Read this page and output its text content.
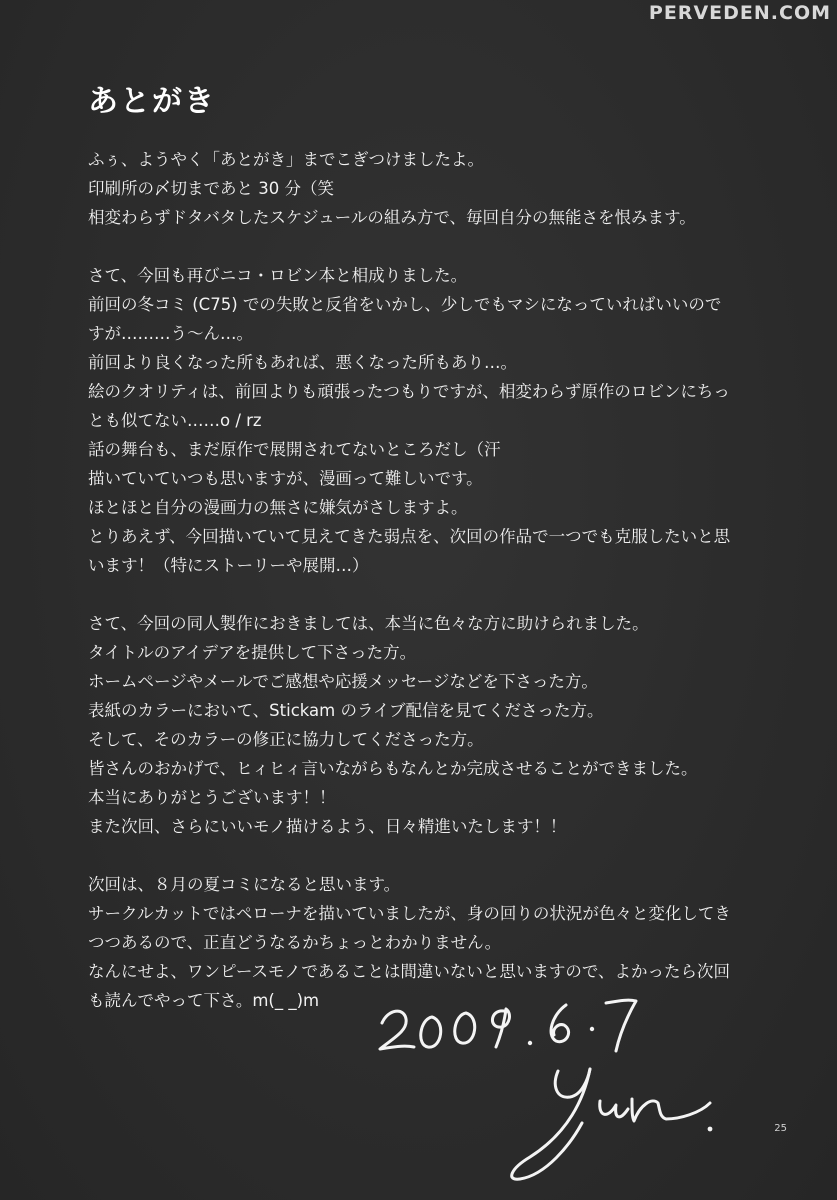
PERVEDEN.COM
あとがき
ふぅ、ようやく「あとがき」までこぎつけましたよ。
印刷所の〆切まであと 30 分（笑
相変わらずドタバタしたスケジュールの組み方で、毎回自分の無能さを恨みます。
さて、今回も再びニコ・ロビン本と相成りました。
前回の冬コミ (C75) での失敗と反省をいかし、少しでもマシになっていればいいので
すが………う〜ん…。
前回より良くなった所もあれば、悪くなった所もあり…。
絵のクオリティは、前回よりも頑張ったつもりですが、相変わらず原作のロビンにちっ
とも似てない……o / rz
話の舞台も、まだ原作で展開されてないところだし（汗
描いていていつも思いますが、漫画って難しいです。
ほとほと自分の漫画力の無さに嫌気がさしますよ。
とりあえず、今回描いていて見えてきた弱点を、次回の作品で一つでも克服したいと思
います！（特にストーリーや展開…）
さて、今回の同人製作におきましては、本当に色々な方に助けられました。
タイトルのアイデアを提供して下さった方。
ホームページやメールでご感想や応援メッセージなどを下さった方。
表紙のカラーにおいて、Stickam のライブ配信を見てくださった方。
そして、そのカラーの修正に協力してくださった方。
皆さんのおかげで、ヒィヒィ言いながらもなんとか完成させることができました。
本当にありがとうございます！！
また次回、さらにいいモノ描けるよう、日々精進いたします！！
次回は、８月の夏コミになると思います。
サークルカットではペローナを描いていましたが、身の回りの状況が色々と変化してき
つつあるので、正直どうなるかちょっとわかりません。
なんにせよ、ワンピースモノであることは間違いないと思いますので、よかったら次回
も読んでやって下さ。m(_ _)m
25
